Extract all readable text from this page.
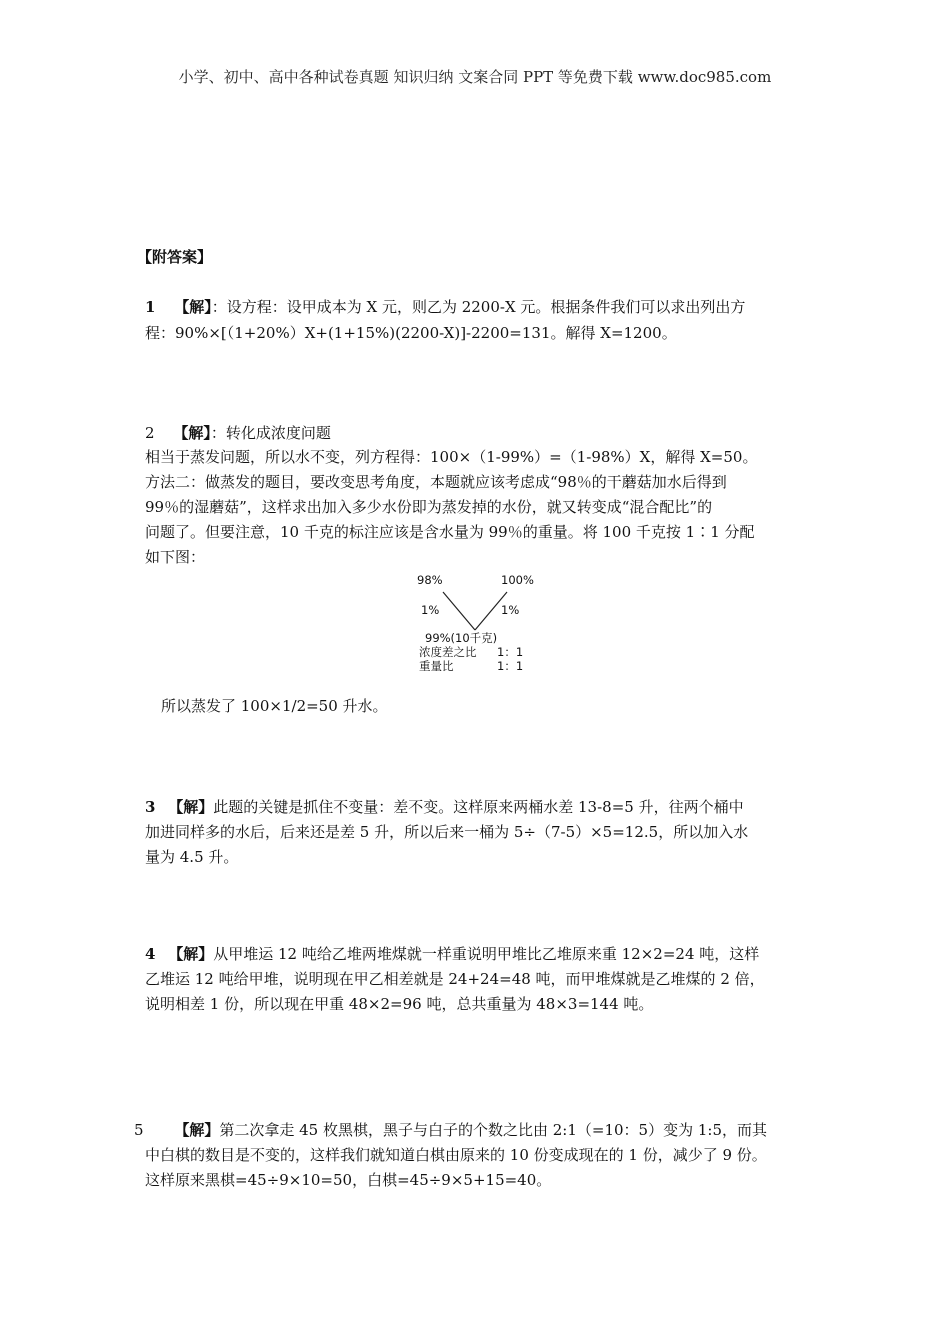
小学、初中、高中各种试卷真题 知识归纳 文案合同 PPT 等免费下载 www.doc985.com
【附答案】
1 【解】：设方程：设甲成本为 X 元，则乙为 2200-X 元。根据条件我们可以求出列出方
程：90%×[（1+20%）X+(1+15%)(2200-X)]-2200=131。解得 X=1200。
2 【解】：转化成浓度问题
相当于蒸发问题，所以水不变，列方程得：100×（1-99%）=（1-98%）X，解得 X=50。
方法二：做蒸发的题目，要改变思考角度，本题就应该考虑成“98％的干蘑菇加水后得到
99％的湿蘑菇”，这样求出加入多少水份即为蒸发掉的水份，就又转变成“混合配比”的
问题了。但要注意，10 千克的标注应该是含水量为 99％的重量。将 100 千克按 1∶1 分配
如下图：
98%	100%
1%	1%
99%(10千克)
浓度差之比 1：1
重量比	1：1
所以蒸发了 100×1/2=50 升水。
3 【解】此题的关键是抓住不变量：差不变。这样原来两桶水差 13-8=5 升，往两个桶中
加进同样多的水后，后来还是差 5 升，所以后来一桶为 5÷（7-5）×5=12.5，所以加入水
量为 4.5 升。
4 【解】从甲堆运 12 吨给乙堆两堆煤就一样重说明甲堆比乙堆原来重 12×2=24 吨，这样
乙堆运 12 吨给甲堆，说明现在甲乙相差就是 24+24=48 吨，而甲堆煤就是乙堆煤的 2 倍，
说明相差 1 份，所以现在甲重 48×2=96 吨，总共重量为 48×3=144 吨。
5 【解】第二次拿走 45 枚黑棋，黑子与白子的个数之比由 2:1（=10：5）变为 1:5，而其
中白棋的数目是不变的，这样我们就知道白棋由原来的 10 份变成现在的 1 份，减少了 9 份。
这样原来黑棋=45÷9×10=50，白棋=45÷9×5+15=40。
